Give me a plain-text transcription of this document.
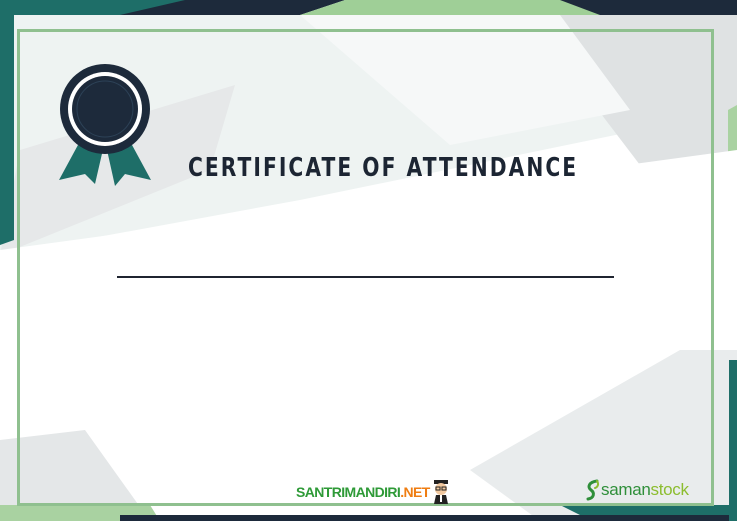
CERTIFICATE OF ATTENDANCE
SANTRIMANDIRI .NET	samanstock
